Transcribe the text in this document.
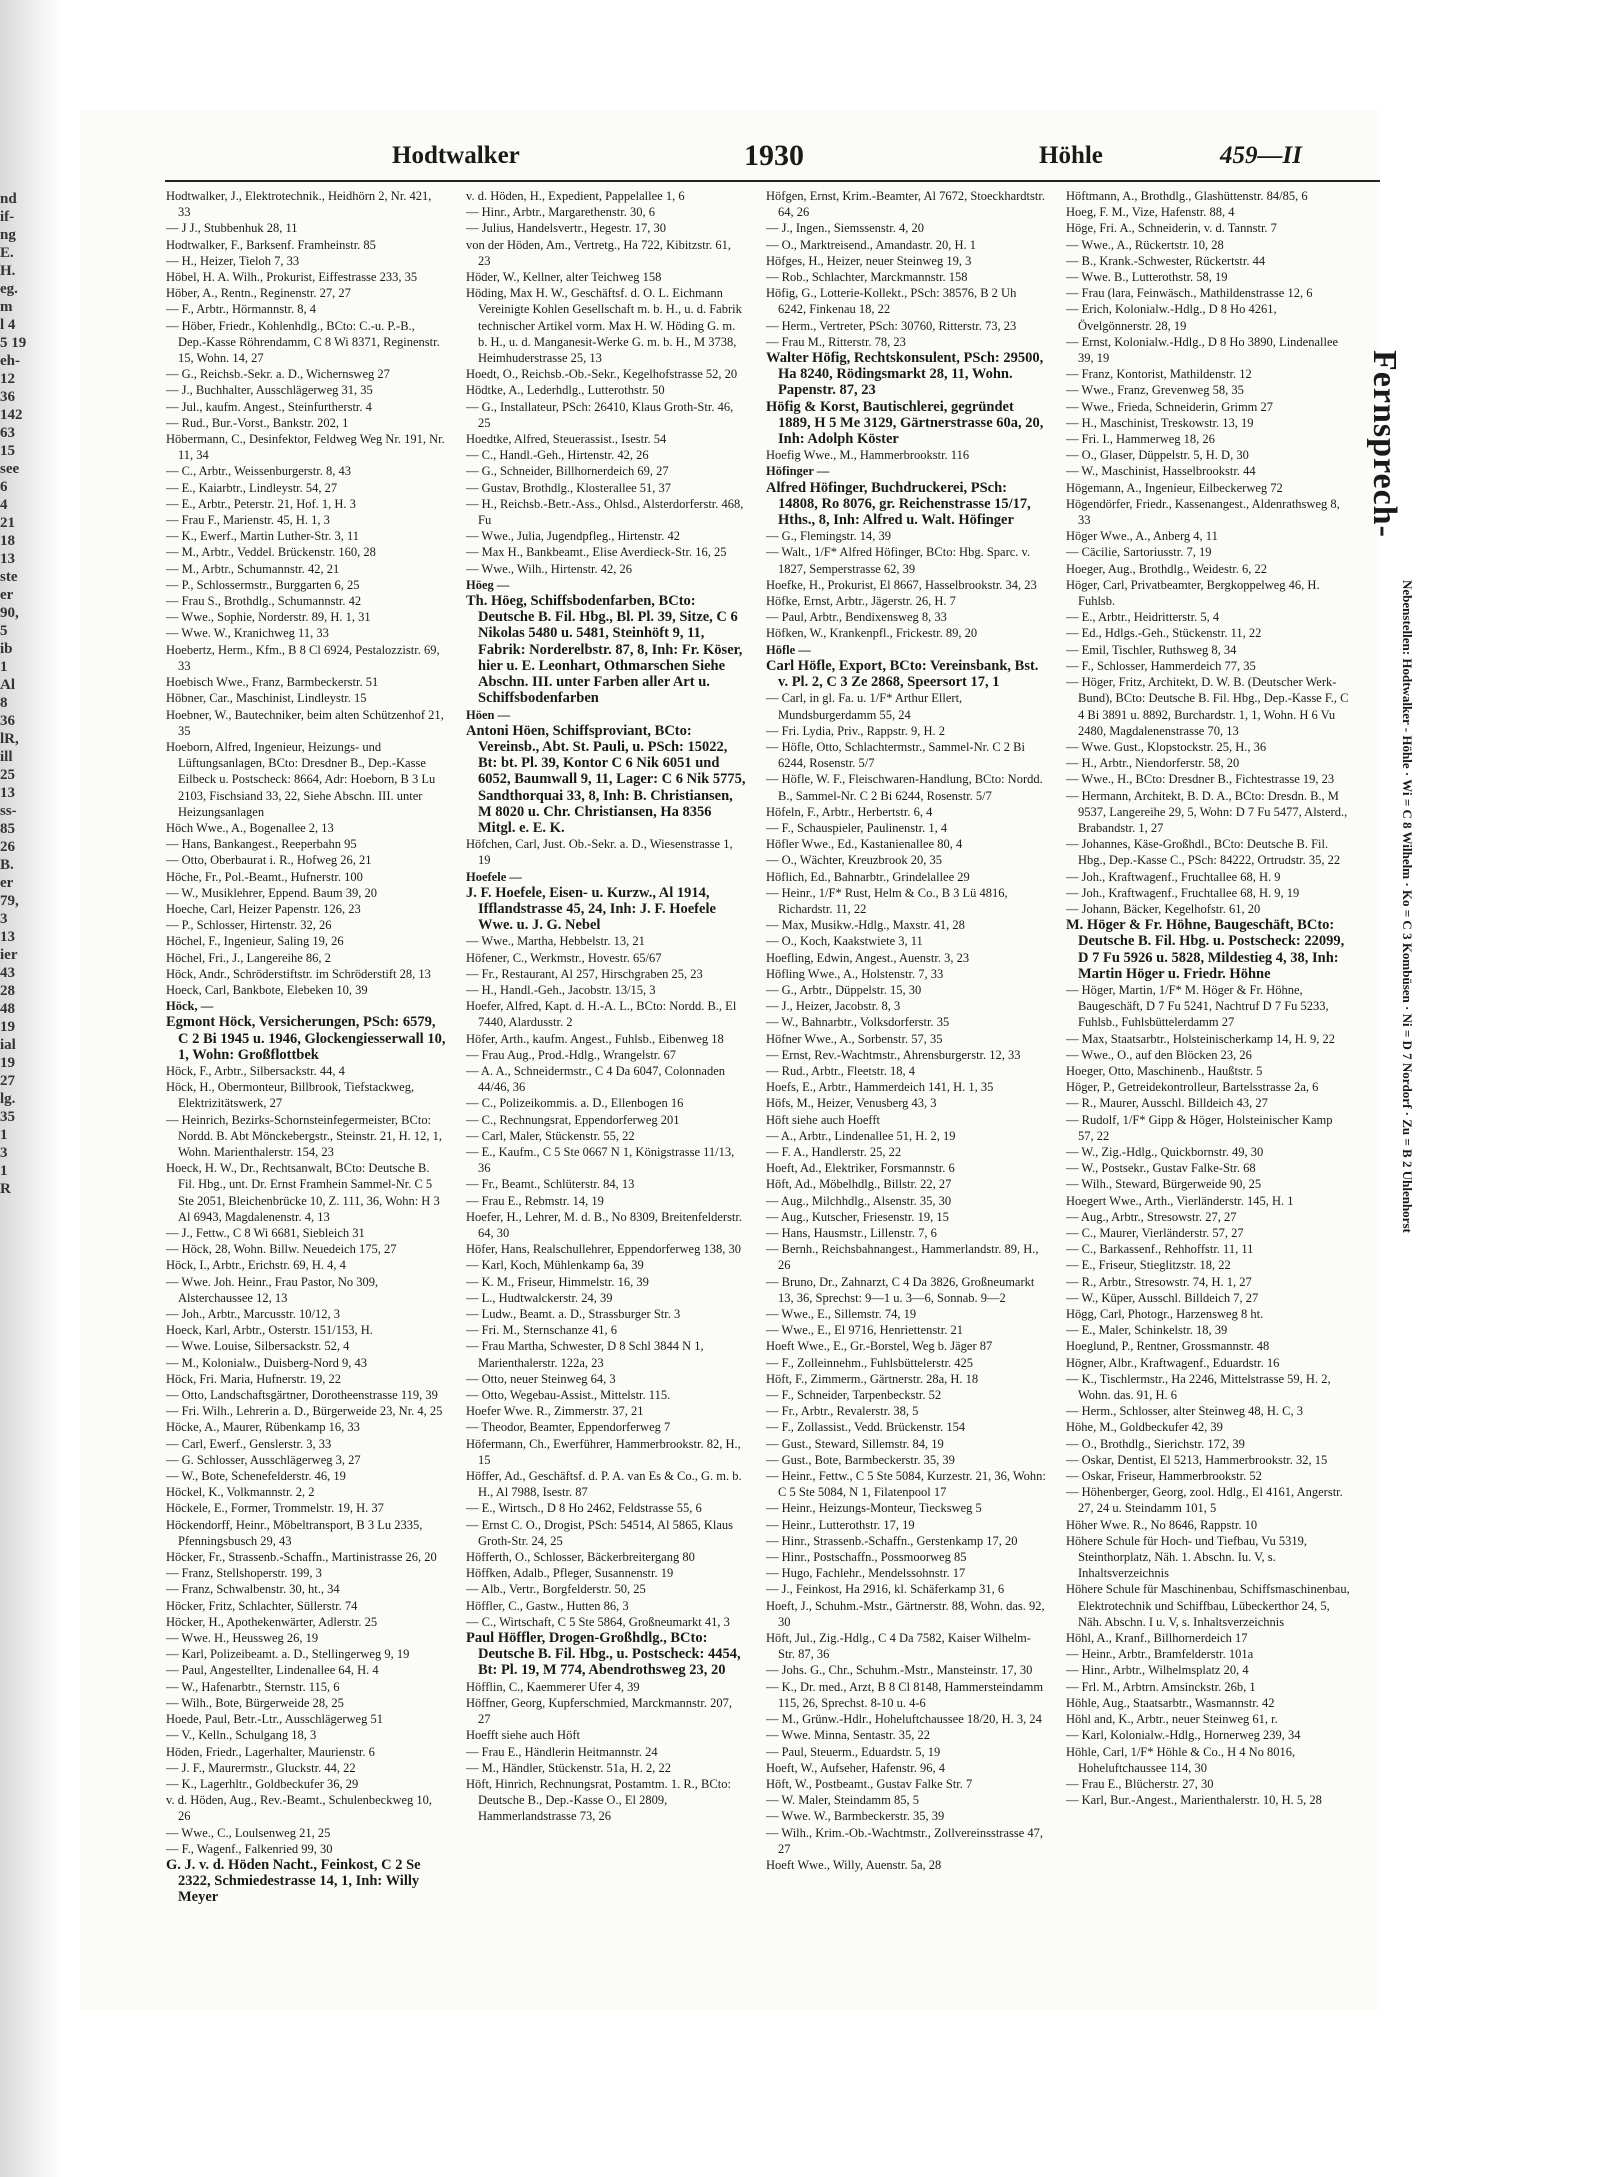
nd
if-
ng
E.
H.
eg.
m
l 4
5 19
eh-
12
36
142
63
15
see
6
4
21
18
13
ste
er
90,
5
ib
1
Al
8
36
lR,
ill
25
13
ss-
85
26
B.
er
79,
3
13
ier
43
28
48
19
ial
19
27
lg.
35
1
3
1
R
Hodtwalker	1930	Höhle	459—II

Hodtwalker, J., Elektrotechnik., Heidhörn 2, Nr. 421, 33

— J J., Stubbenhuk 28, 11

Hodtwalker, F., Barksenf. Framheinstr. 85

— H., Heizer, Tieloh 7, 33

Höbel, H. A. Wilh., Prokurist, Eiffestrasse 233, 35

Höber, A., Rentn., Reginenstr. 27, 27

— F., Arbtr., Hörmannstr. 8, 4

— Höber, Friedr., Kohlenhdlg., BCto: C.-u. P.-B., Dep.-Kasse Röhrendamm, C 8 Wi 8371, Reginenstr. 15, Wohn. 14, 27

— G., Reichsb.-Sekr. a. D., Wichernsweg 27

— J., Buchhalter, Ausschlägerweg 31, 35

— Jul., kaufm. Angest., Steinfurtherstr. 4

— Rud., Bur.-Vorst., Bankstr. 202, 1

Höbermann, C., Desinfektor, Feldweg Weg Nr. 191, Nr. 11, 34

— C., Arbtr., Weissenburgerstr. 8, 43

— E., Kaiarbtr., Lindleystr. 54, 27

— E., Arbtr., Peterstr. 21, Hof. 1, H. 3

— Frau F., Marienstr. 45, H. 1, 3

— K., Ewerf., Martin Luther-Str. 3, 11

— M., Arbtr., Veddel. Brückenstr. 160, 28

— M., Arbtr., Schumannstr. 42, 21

— P., Schlossermstr., Burggarten 6, 25

— Frau S., Brothdlg., Schumannstr. 42

— Wwe., Sophie, Norderstr. 89, H. 1, 31

— Wwe. W., Kranichweg 11, 33

Hoebertz, Herm., Kfm., B 8 Cl 6924, Pestalozzistr. 69, 33

Hoebisch Wwe., Franz, Barmbeckerstr. 51

Höbner, Car., Maschinist, Lindleystr. 15

Hoebner, W., Bautechniker, beim alten Schützenhof 21, 35

Hoeborn, Alfred, Ingenieur, Heizungs- und Lüftungsanlagen, BCto: Dresdner B., Dep.-Kasse Eilbeck u. Postscheck: 8664, Adr: Hoeborn, B 3 Lu 2103, Fischsiand 33, 22, Siehe Abschn. III. unter Heizungsanlagen

Höch Wwe., A., Bogenallee 2, 13

— Hans, Bankangest., Reeperbahn 95

— Otto, Oberbaurat i. R., Hofweg 26, 21

Höche, Fr., Pol.-Beamt., Hufnerstr. 100

— W., Musiklehrer, Eppend. Baum 39, 20

Hoeche, Carl, Heizer Papenstr. 126, 23

— P., Schlosser, Hirtenstr. 32, 26

Höchel, F., Ingenieur, Saling 19, 26

Höchel, Fri., J., Langereihe 86, 2

Höck, Andr., Schröderstiftstr. im Schröderstift 28, 13

Hoeck, Carl, Bankbote, Elebeken 10, 39

Höck, —

Egmont Höck, Versicherungen, PSch: 6579, C 2 Bi 1945 u. 1946, Glockengiesserwall 10, 1, Wohn: Großflottbek

Höck, F., Arbtr., Silbersackstr. 44, 4

Höck, H., Obermonteur, Billbrook, Tiefstackweg, Elektrizitätswerk, 27

— Heinrich, Bezirks-Schornsteinfegermeister, BCto: Nordd. B. Abt Mönckebergstr., Steinstr. 21, H. 12, 1, Wohn. Marienthalerstr. 154, 23

Hoeck, H. W., Dr., Rechtsanwalt, BCto: Deutsche B. Fil. Hbg., unt. Dr. Ernst Framhein Sammel-Nr. C 5 Ste 2051, Bleichenbrücke 10, Z. 111, 36, Wohn: H 3 Al 6943, Magdalenenstr. 4, 13

— J., Fettw., C 8 Wi 6681, Siebleich 31

— Höck, 28, Wohn. Billw. Neuedeich 175, 27

Höck, I., Arbtr., Erichstr. 69, H. 4, 4

— Wwe. Joh. Heinr., Frau Pastor, No 309, Alsterchaussee 12, 13

— Joh., Arbtr., Marcusstr. 10/12, 3

Hoeck, Karl, Arbtr., Osterstr. 151/153, H.

— Wwe. Louise, Silbersackstr. 52, 4

— M., Kolonialw., Duisberg-Nord 9, 43

Höck, Fri. Maria, Hufnerstr. 19, 22

— Otto, Landschaftsgärtner, Dorotheenstrasse 119, 39

— Fri. Wilh., Lehrerin a. D., Bürgerweide 23, Nr. 4, 25

Höcke, A., Maurer, Rübenkamp 16, 33

— Carl, Ewerf., Genslerstr. 3, 33

— G. Schlosser, Ausschlägerweg 3, 27

— W., Bote, Schenefelderstr. 46, 19

Höckel, K., Volkmannstr. 2, 2

Höckele, E., Former, Trommelstr. 19, H. 37

Höckendorff, Heinr., Möbeltransport, B 3 Lu 2335, Pfenningsbusch 29, 43

Höcker, Fr., Strassenb.-Schaffn., Martinistrasse 26, 20

— Franz, Stellshoperstr. 199, 3

— Franz, Schwalbenstr. 30, ht., 34

Höcker, Fritz, Schlachter, Süllerstr. 74

Höcker, H., Apothekenwärter, Adlerstr. 25

— Wwe. H., Heussweg 26, 19

— Karl, Polizeibeamt. a. D., Stellingerweg 9, 19

— Paul, Angestellter, Lindenallee 64, H. 4

— W., Hafenarbtr., Sternstr. 115, 6

— Wilh., Bote, Bürgerweide 28, 25

Hoede, Paul, Betr.-Ltr., Ausschlägerweg 51

— V., Kelln., Schulgang 18, 3

Höden, Friedr., Lagerhalter, Maurienstr. 6

— J. F., Maurermstr., Gluckstr. 44, 22

— K., Lagerhltr., Goldbeckufer 36, 29

v. d. Höden, Aug., Rev.-Beamt., Schulenbeckweg 10, 26

— Wwe., C., Loulsenweg 21, 25

— F., Wagenf., Falkenried 99, 30

G. J. v. d. Höden Nacht., Feinkost, C 2 Se 2322, Schmiedestrasse 14, 1, Inh: Willy Meyer

v. d. Höden, H., Expedient, Pappelallee 1, 6

— Hinr., Arbtr., Margarethenstr. 30, 6

— Julius, Handelsvertr., Hegestr. 17, 30

von der Höden, Am., Vertretg., Ha 722, Kibitzstr. 61, 23

Höder, W., Kellner, alter Teichweg 158

Höding, Max H. W., Geschäftsf. d. O. L. Eichmann Vereinigte Kohlen Gesellschaft m. b. H., u. d. Fabrik technischer Artikel vorm. Max H. W. Höding G. m. b. H., u. d. Manganesit-Werke G. m. b. H., M 3738, Heimhuderstrasse 25, 13

Hoedt, O., Reichsb.-Ob.-Sekr., Kegelhofstrasse 52, 20

Hödtke, A., Lederhdlg., Lutterothstr. 50

— G., Installateur, PSch: 26410, Klaus Groth-Str. 46, 25

Hoedtke, Alfred, Steuerassist., Isestr. 54

— C., Handl.-Geh., Hirtenstr. 42, 26

— G., Schneider, Billhornerdeich 69, 27

— Gustav, Brothdlg., Klosterallee 51, 37

— H., Reichsb.-Betr.-Ass., Ohlsd., Alsterdorferstr. 468, Fu

— Wwe., Julia, Jugendpfleg., Hirtenstr. 42

— Max H., Bankbeamt., Elise Averdieck-Str. 16, 25

— Wwe., Wilh., Hirtenstr. 42, 26

Höeg —

Th. Höeg, Schiffsbodenfarben, BCto: Deutsche B. Fil. Hbg., Bl. Pl. 39, Sitze, C 6 Nikolas 5480 u. 5481, Steinhöft 9, 11, Fabrik: Norderelbstr. 87, 8, Inh: Fr. Köser, hier u. E. Leonhart, Othmarschen Siehe Abschn. III. unter Farben aller Art u. Schiffsbodenfarben

Höen —

Antoni Höen, Schiffsproviant, BCto: Vereinsb., Abt. St. Pauli, u. PSch: 15022, Bt: bt. Pl. 39, Kontor C 6 Nik 6051 und 6052, Baumwall 9, 11, Lager: C 6 Nik 5775, Sandthorquai 33, 8, Inh: B. Christiansen, M 8020 u. Chr. Christiansen, Ha 8356 Mitgl. e. E. K.

Höfchen, Carl, Just. Ob.-Sekr. a. D., Wiesenstrasse 1, 19

Hoefele —

J. F. Hoefele, Eisen- u. Kurzw., Al 1914, Ifflandstrasse 45, 24, Inh: J. F. Hoefele Wwe. u. J. G. Nebel

— Wwe., Martha, Hebbelstr. 13, 21

Höfener, C., Werkmstr., Hovestr. 65/67

— Fr., Restaurant, Al 257, Hirschgraben 25, 23

— H., Handl.-Geh., Jacobstr. 13/15, 3

Hoefer, Alfred, Kapt. d. H.-A. L., BCto: Nordd. B., El 7440, Alardusstr. 2

Höfer, Arth., kaufm. Angest., Fuhlsb., Eibenweg 18

— Frau Aug., Prod.-Hdlg., Wrangelstr. 67

— A. A., Schneidermstr., C 4 Da 6047, Colonnaden 44/46, 36

— C., Polizeikommis. a. D., Ellenbogen 16

— C., Rechnungsrat, Eppendorferweg 201

— Carl, Maler, Stückenstr. 55, 22

— E., Kaufm., C 5 Ste 0667 N 1, Königstrasse 11/13, 36

— Fr., Beamt., Schlüterstr. 84, 13

— Frau E., Rebmstr. 14, 19

Hoefer, H., Lehrer, M. d. B., No 8309, Breitenfelderstr. 64, 30

Höfer, Hans, Realschullehrer, Eppendorferweg 138, 30

— Karl, Koch, Mühlenkamp 6a, 39

— K. M., Friseur, Himmelstr. 16, 39

— L., Hudtwalckerstr. 24, 39

— Ludw., Beamt. a. D., Strassburger Str. 3

— Fri. M., Sternschanze 41, 6

— Frau Martha, Schwester, D 8 Schl 3844 N 1, Marienthalerstr. 122a, 23

— Otto, neuer Steinweg 64, 3

— Otto, Wegebau-Assist., Mittelstr. 115.

Hoefer Wwe. R., Zimmerstr. 37, 21

— Theodor, Beamter, Eppendorferweg 7

Höfermann, Ch., Ewerführer, Hammerbrookstr. 82, H., 15

Höffer, Ad., Geschäftsf. d. P. A. van Es & Co., G. m. b. H., Al 7988, Isestr. 87

— E., Wirtsch., D 8 Ho 2462, Feldstrasse 55, 6

— Ernst C. O., Drogist, PSch: 54514, Al 5865, Klaus Groth-Str. 24, 25

Höfferth, O., Schlosser, Bäckerbreitergang 80

Höffken, Adalb., Pfleger, Susannenstr. 19

— Alb., Vertr., Borgfelderstr. 50, 25

Höffler, C., Gastw., Hutten 86, 3

— C., Wirtschaft, C 5 Ste 5864, Großneumarkt 41, 3

Paul Höffler, Drogen-Großhdlg., BCto: Deutsche B. Fil. Hbg., u. Postscheck: 4454, Bt: Pl. 19, M 774, Abendrothsweg 23, 20

Höfflin, C., Kaemmerer Ufer 4, 39

Höffner, Georg, Kupferschmied, Marckmannstr. 207, 27

Hoefft siehe auch Höft

— Frau E., Händlerin Heitmannstr. 24

— M., Händler, Stückenstr. 51a, H. 2, 22

Höft, Hinrich, Rechnungsrat, Postamtm. 1. R., BCto: Deutsche B., Dep.-Kasse O., El 2809, Hammerlandstrasse 73, 26

Höfgen, Ernst, Krim.-Beamter, Al 7672, Stoeckhardtstr. 64, 26

— J., Ingen., Siemssenstr. 4, 20

— O., Marktreisend., Amandastr. 20, H. 1

Höfges, H., Heizer, neuer Steinweg 19, 3

— Rob., Schlachter, Marckmannstr. 158

Höfig, G., Lotterie-Kollekt., PSch: 38576, B 2 Uh 6242, Finkenau 18, 22

— Herm., Vertreter, PSch: 30760, Ritterstr. 73, 23

— Frau M., Ritterstr. 78, 23

Walter Höfig, Rechtskonsulent, PSch: 29500, Ha 8240, Rödingsmarkt 28, 11, Wohn. Papenstr. 87, 23

Höfig & Korst, Bautischlerei, gegründet 1889, H 5 Me 3129, Gärtnerstrasse 60a, 20, Inh: Adolph Köster

Hoefig Wwe., M., Hammerbrookstr. 116

Höfinger —

Alfred Höfinger, Buchdruckerei, PSch: 14808, Ro 8076, gr. Reichenstrasse 15/17, Hths., 8, Inh: Alfred u. Walt. Höfinger

— G., Flemingstr. 14, 39

— Walt., 1/F* Alfred Höfinger, BCto: Hbg. Sparc. v. 1827, Semperstrasse 62, 39

Hoefke, H., Prokurist, El 8667, Hasselbrookstr. 34, 23

Höfke, Ernst, Arbtr., Jägerstr. 26, H. 7

— Paul, Arbtr., Bendixensweg 8, 33

Höfken, W., Krankenpfl., Frickestr. 89, 20

Höfle —

Carl Höfle, Export, BCto: Vereinsbank, Bst. v. Pl. 2, C 3 Ze 2868, Speersort 17, 1

— Carl, in gl. Fa. u. 1/F* Arthur Ellert, Mundsburgerdamm 55, 24

— Fri. Lydia, Priv., Rappstr. 9, H. 2

— Höfle, Otto, Schlachtermstr., Sammel-Nr. C 2 Bi 6244, Rosenstr. 5/7

— Höfle, W. F., Fleischwaren-Handlung, BCto: Nordd. B., Sammel-Nr. C 2 Bi 6244, Rosenstr. 5/7

Höfeln, F., Arbtr., Herbertstr. 6, 4

— F., Schauspieler, Paulinenstr. 1, 4

Höfler Wwe., Ed., Kastanienallee 80, 4

— O., Wächter, Kreuzbrook 20, 35

Höflich, Ed., Bahnarbtr., Grindelallee 29

— Heinr., 1/F* Rust, Helm & Co., B 3 Lü 4816, Richardstr. 11, 22

— Max, Musikw.-Hdlg., Maxstr. 41, 28

— O., Koch, Kaakstwiete 3, 11

Hoefling, Edwin, Angest., Auenstr. 3, 23

Höfling Wwe., A., Holstenstr. 7, 33

— G., Arbtr., Düppelstr. 15, 30

— J., Heizer, Jacobstr. 8, 3

— W., Bahnarbtr., Volksdorferstr. 35

Höfner Wwe., A., Sorbenstr. 57, 35

— Ernst, Rev.-Wachtmstr., Ahrensburgerstr. 12, 33

— Rud., Arbtr., Fleetstr. 18, 4

Hoefs, E., Arbtr., Hammerdeich 141, H. 1, 35

Höfs, M., Heizer, Venusberg 43, 3

Höft siehe auch Hoefft

— A., Arbtr., Lindenallee 51, H. 2, 19

— F. A., Handlerstr. 25, 22

Hoeft, Ad., Elektriker, Forsmannstr. 6

Höft, Ad., Möbelhdlg., Billstr. 22, 27

— Aug., Milchhdlg., Alsenstr. 35, 30

— Aug., Kutscher, Friesenstr. 19, 15

— Hans, Hausmstr., Lillenstr. 7, 6

— Bernh., Reichsbahnangest., Hammerlandstr. 89, H., 26

— Bruno, Dr., Zahnarzt, C 4 Da 3826, Großneumarkt 13, 36, Sprechst: 9—1 u. 3—6, Sonnab. 9—2

— Wwe., E., Sillemstr. 74, 19

— Wwe., E., El 9716, Henriettenstr. 21

Hoeft Wwe., E., Gr.-Borstel, Weg b. Jäger 87

— F., Zolleinnehm., Fuhlsbüttelerstr. 425

Höft, F., Zimmerm., Gärtnerstr. 28a, H. 18

— F., Schneider, Tarpenbeckstr. 52

— Fr., Arbtr., Revalerstr. 38, 5

— F., Zollassist., Vedd. Brückenstr. 154

— Gust., Steward, Sillemstr. 84, 19

— Gust., Bote, Barmbeckerstr. 35, 39

— Heinr., Fettw., C 5 Ste 5084, Kurzestr. 21, 36, Wohn: C 5 Ste 5084, N 1, Filatenpool 17

— Heinr., Heizungs-Monteur, Tiecksweg 5

— Heinr., Lutterothstr. 17, 19

— Hinr., Strassenb.-Schaffn., Gerstenkamp 17, 20

— Hinr., Postschaffn., Possmoorweg 85

— Hugo, Fachlehr., Mendelssohnstr. 17

— J., Feinkost, Ha 2916, kl. Schäferkamp 31, 6

Hoeft, J., Schuhm.-Mstr., Gärtnerstr. 88, Wohn. das. 92, 30

Höft, Jul., Zig.-Hdlg., C 4 Da 7582, Kaiser Wilhelm-Str. 87, 36

— Johs. G., Chr., Schuhm.-Mstr., Mansteinstr. 17, 30

— K., Dr. med., Arzt, B 8 Cl 8148, Hammersteindamm 115, 26, Sprechst. 8-10 u. 4-6

— M., Grünw.-Hdlr., Hoheluftchaussee 18/20, H. 3, 24

— Wwe. Minna, Sentastr. 35, 22

— Paul, Steuerm., Eduardstr. 5, 19

Hoeft, W., Aufseher, Hafenstr. 96, 4

Höft, W., Postbeamt., Gustav Falke Str. 7

— W. Maler, Steindamm 85, 5

— Wwe. W., Barmbeckerstr. 35, 39

— Wilh., Krim.-Ob.-Wachtmstr., Zollvereinsstrasse 47, 27

Hoeft Wwe., Willy, Auenstr. 5a, 28

Höftmann, A., Brothdlg., Glashüttenstr. 84/85, 6

Hoeg, F. M., Vize, Hafenstr. 88, 4

Höge, Fri. A., Schneiderin, v. d. Tannstr. 7

— Wwe., A., Rückertstr. 10, 28

— B., Krank.-Schwester, Rückertstr. 44

— Wwe. B., Lutterothstr. 58, 19

— Frau (lara, Feinwäsch., Mathildenstrasse 12, 6

— Erich, Kolonialw.-Hdlg., D 8 Ho 4261, Övelgönnerstr. 28, 19

— Ernst, Kolonialw.-Hdlg., D 8 Ho 3890, Lindenallee 39, 19

— Franz, Kontorist, Mathildenstr. 12

— Wwe., Franz, Grevenweg 58, 35

— Wwe., Frieda, Schneiderin, Grimm 27

— H., Maschinist, Treskowstr. 13, 19

— Fri. I., Hammerweg 18, 26

— O., Glaser, Düppelstr. 5, H. D, 30

— W., Maschinist, Hasselbrookstr. 44

Högemann, A., Ingenieur, Eilbeckerweg 72

Högendörfer, Friedr., Kassenangest., Aldenrathsweg 8, 33

Höger Wwe., A., Anberg 4, 11

— Cäcilie, Sartoriusstr. 7, 19

Hoeger, Aug., Brothdlg., Weidestr. 6, 22

Höger, Carl, Privatbeamter, Bergkoppelweg 46, H. Fuhlsb.

— E., Arbtr., Heidritterstr. 5, 4

— Ed., Hdlgs.-Geh., Stückenstr. 11, 22

— Emil, Tischler, Ruthsweg 8, 34

— F., Schlosser, Hammerdeich 77, 35

— Höger, Fritz, Architekt, D. W. B. (Deutscher Werk-Bund), BCto: Deutsche B. Fil. Hbg., Dep.-Kasse F., C 4 Bi 3891 u. 8892, Burchardstr. 1, 1, Wohn. H 6 Vu 2480, Magdalenenstrasse 70, 13

— Wwe. Gust., Klopstockstr. 25, H., 36

— H., Arbtr., Niendorferstr. 58, 20

— Wwe., H., BCto: Dresdner B., Fichtestrasse 19, 23

— Hermann, Architekt, B. D. A., BCto: Dresdn. B., M 9537, Langereihe 29, 5, Wohn: D 7 Fu 5477, Alsterd., Brabandstr. 1, 27

— Johannes, Käse-Großhdl., BCto: Deutsche B. Fil. Hbg., Dep.-Kasse C., PSch: 84222, Ortrudstr. 35, 22

— Joh., Kraftwagenf., Fruchtallee 68, H. 9

— Joh., Kraftwagenf., Fruchtallee 68, H. 9, 19

— Johann, Bäcker, Kegelhofstr. 61, 20

M. Höger & Fr. Höhne, Baugeschäft, BCto: Deutsche B. Fil. Hbg. u. Postscheck: 22099, D 7 Fu 5926 u. 5828, Mildestieg 4, 38, Inh: Martin Höger u. Friedr. Höhne

— Höger, Martin, 1/F* M. Höger & Fr. Höhne, Baugeschäft, D 7 Fu 5241, Nachtruf D 7 Fu 5233, Fuhlsb., Fuhlsbüttelerdamm 27

— Max, Staatsarbtr., Holsteinischerkamp 14, H. 9, 22

— Wwe., O., auf den Blöcken 23, 26

Hoeger, Otto, Maschinenb., Haußtstr. 5

Höger, P., Getreidekontrolleur, Bartelsstrasse 2a, 6

— R., Maurer, Ausschl. Billdeich 43, 27

— Rudolf, 1/F* Gipp & Höger, Holsteinischer Kamp 57, 22

— W., Zig.-Hdlg., Quickbornstr. 49, 30

— W., Postsekr., Gustav Falke-Str. 68

— Wilh., Steward, Bürgerweide 90, 25

Hoegert Wwe., Arth., Vierländerstr. 145, H. 1

— Aug., Arbtr., Stresowstr. 27, 27

— C., Maurer, Vierländerstr. 57, 27

— C., Barkassenf., Rehhoffstr. 11, 11

— E., Friseur, Stieglitzstr. 18, 22

— R., Arbtr., Stresowstr. 74, H. 1, 27

— W., Küper, Ausschl. Billdeich 7, 27

Högg, Carl, Photogr., Harzensweg 8 ht.

— E., Maler, Schinkelstr. 18, 39

Hoeglund, P., Rentner, Grossmannstr. 48

Högner, Albr., Kraftwagenf., Eduardstr. 16

— K., Tischlermstr., Ha 2246, Mittelstrasse 59, H. 2, Wohn. das. 91, H. 6

— Herm., Schlosser, alter Steinweg 48, H. C, 3

Höhe, M., Goldbeckufer 42, 39

— O., Brothdlg., Sierichstr. 172, 39

— Oskar, Dentist, El 5213, Hammerbrookstr. 32, 15

— Oskar, Friseur, Hammerbrookstr. 52

— Höhenberger, Georg, zool. Hdlg., El 4161, Angerstr. 27, 24 u. Steindamm 101, 5

Höher Wwe. R., No 8646, Rappstr. 10

Höhere Schule für Hoch- und Tiefbau, Vu 5319, Steinthorplatz, Näh. 1. Abschn. Iu. V, s. Inhaltsverzeichnis

Höhere Schule für Maschinenbau, Schiffsmaschinenbau, Elektrotechnik und Schiffbau, Lübeckerthor 24, 5, Näh. Abschn. I u. V, s. Inhaltsverzeichnis

Höhl, A., Kranf., Billhornerdeich 17

— Heinr., Arbtr., Bramfelderstr. 101a

— Hinr., Arbtr., Wilhelmsplatz 20, 4

— Frl. M., Arbtrn. Amsinckstr. 26b, 1

Höhle, Aug., Staatsarbtr., Wasmannstr. 42

Höhl and, K., Arbtr., neuer Steinweg 61, r.

— Karl, Kolonialw.-Hdlg., Hornerweg 239, 34

Höhle, Carl, 1/F* Höhle & Co., H 4 No 8016, Hoheluftchaussee 114, 30

— Frau E., Blücherstr. 27, 30

— Karl, Bur.-Angest., Marienthalerstr. 10, H. 5, 28

Fernsprech-
Nebenstellen: Hodtwalker - Höhle · Wi = C 8 Wilhelm · Ko = C 3 Kombüsen · Ni = D 7 Nordorf · Zu = B 2 Uhlenhorst
